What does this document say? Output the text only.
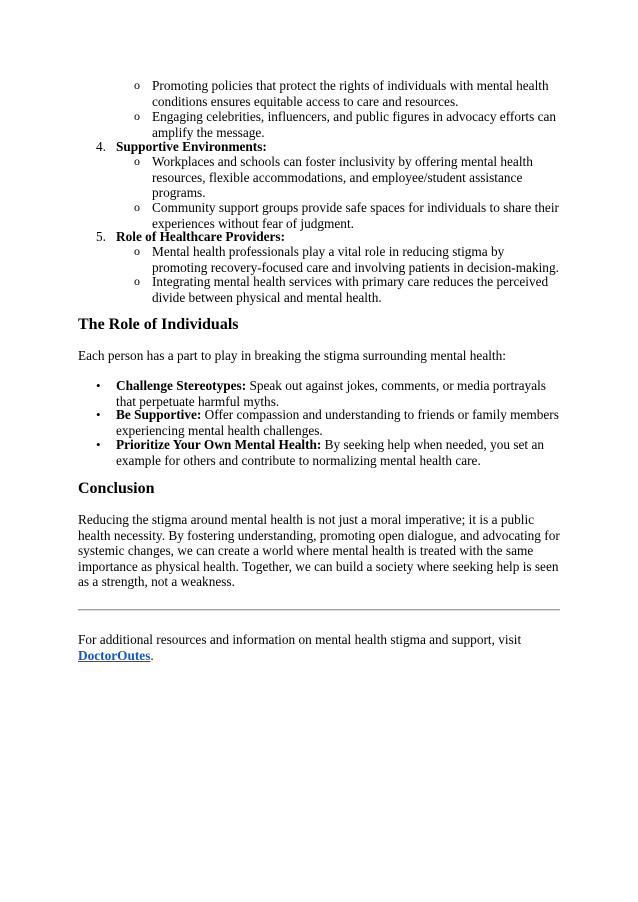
o Promoting policies that protect the rights of individuals with mental health conditions ensures equitable access to care and resources.
o Engaging celebrities, influencers, and public figures in advocacy efforts can amplify the message.
4. Supportive Environments:
o Workplaces and schools can foster inclusivity by offering mental health resources, flexible accommodations, and employee/student assistance programs.
o Community support groups provide safe spaces for individuals to share their experiences without fear of judgment.
5. Role of Healthcare Providers:
o Mental health professionals play a vital role in reducing stigma by promoting recovery-focused care and involving patients in decision-making.
o Integrating mental health services with primary care reduces the perceived divide between physical and mental health.
The Role of Individuals
Each person has a part to play in breaking the stigma surrounding mental health:
• Challenge Stereotypes: Speak out against jokes, comments, or media portrayals that perpetuate harmful myths.
• Be Supportive: Offer compassion and understanding to friends or family members experiencing mental health challenges.
• Prioritize Your Own Mental Health: By seeking help when needed, you set an example for others and contribute to normalizing mental health care.
Conclusion
Reducing the stigma around mental health is not just a moral imperative; it is a public health necessity. By fostering understanding, promoting open dialogue, and advocating for systemic changes, we can create a world where mental health is treated with the same importance as physical health. Together, we can build a society where seeking help is seen as a strength, not a weakness.
For additional resources and information on mental health stigma and support, visit
DoctorOutes.
